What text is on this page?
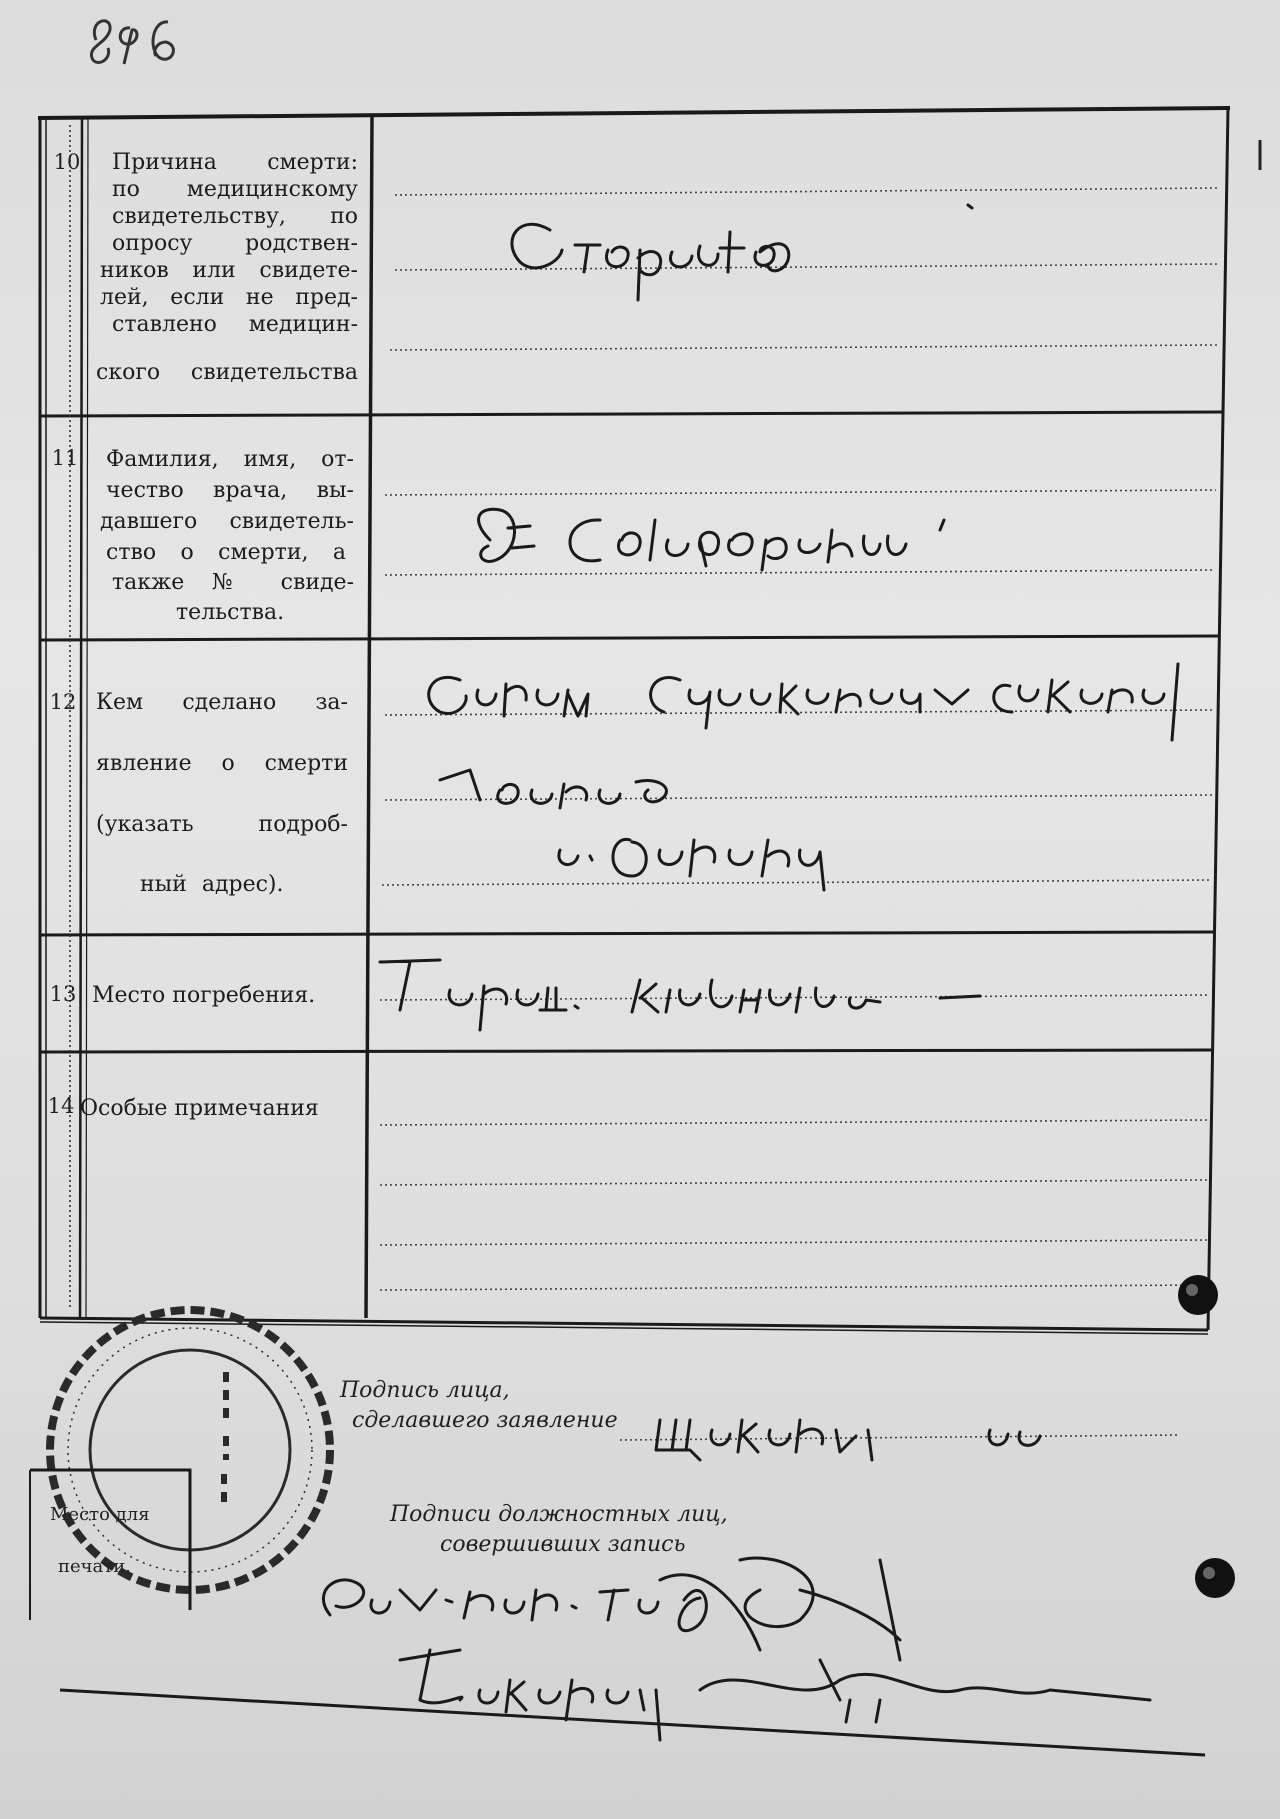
10
11
12
13
14
Причина смерти:
по медицинскому
свидетельству, по
опросу родствен-
ников или свидете-
лей, если не пред-
ставлено медицин-
ского свидетельства
Фамилия, имя, от-
чество врача, вы-
давшего свидетель-
ство о смерти, а
также № свиде-
тельства.
Кем сделано за-
явление о смерти
(указать подроб-
ный адрес).
Место погребения.
Особые примечания
Подпись лица,
сделавшего заявление
Подписи должностных лиц,
совершивших запись
Место для
печати.
